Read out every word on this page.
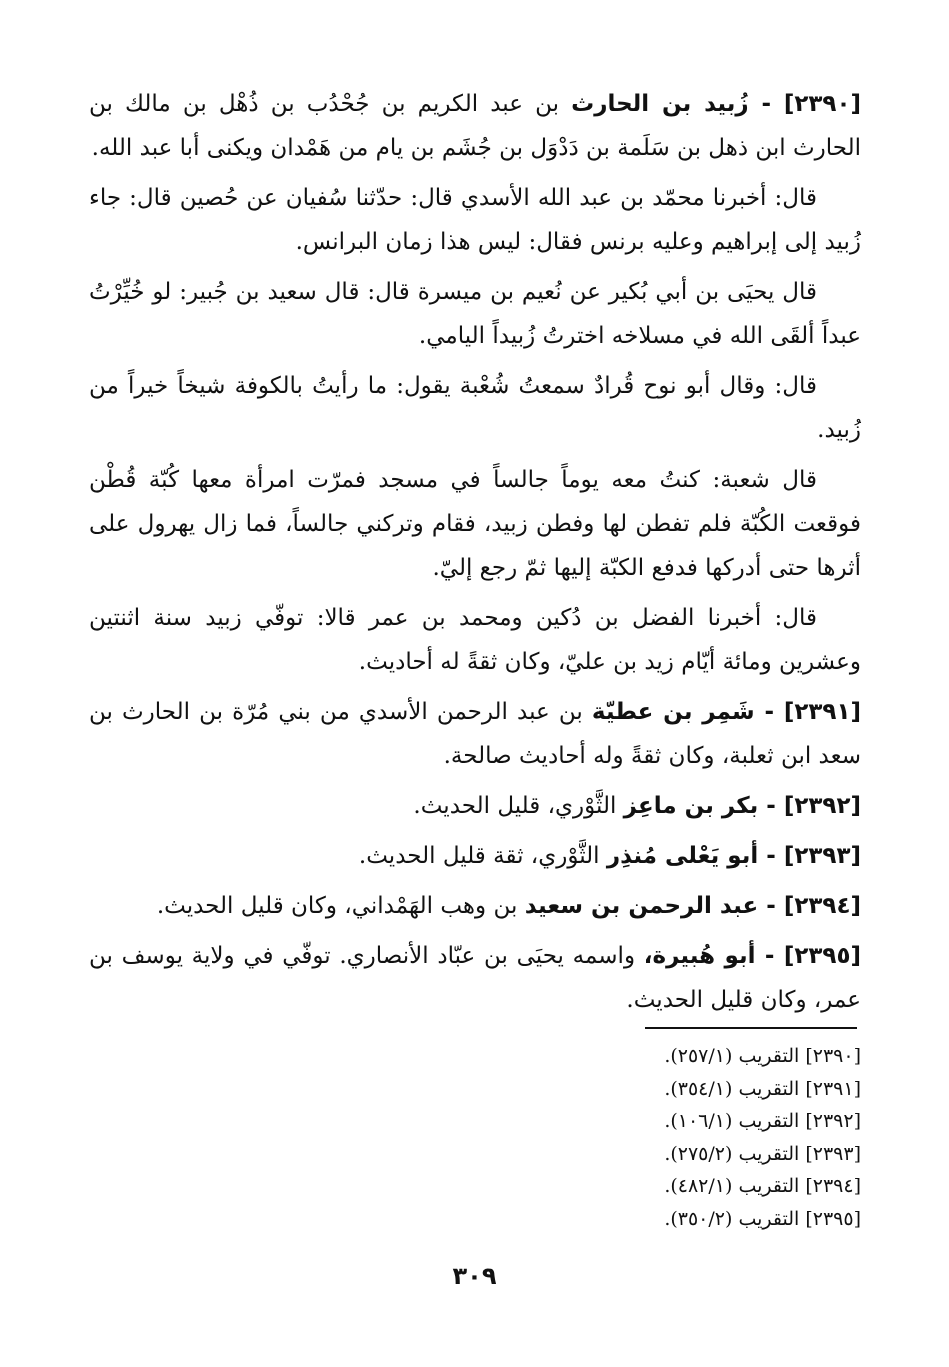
[٢٣٩٠] - زُبيد بن الحارث بن عبد الكريم بن جُحْدُب بن ذُهْل بن مالك بن الحارث ابن ذهل بن سَلَمة بن دَدْوَل بن جُشَم بن يام من هَمْدان ويكنى أبا عبد الله.

قال: أخبرنا محمّد بن عبد الله الأسدي قال: حدّثنا سُفيان عن حُصين قال: جاء زُبيد إلى إبراهيم وعليه برنس فقال: ليس هذا زمان البرانس.

قال يحيَى بن أبي بُكير عن نُعيم بن ميسرة قال: قال سعيد بن جُبير: لو خُيِّرْتُ عبداً ألقَى الله في مسلاخه اخترتُ زُبيداً اليامي.

قال: وقال أبو نوح قُرادٌ سمعتُ شُعْبة يقول: ما رأيتُ بالكوفة شيخاً خيراً من زُبيد.

قال شعبة: كنتُ معه يوماً جالساً في مسجد فمرّت امرأة معها كُبّة قُطْن فوقعت الكُبّة فلم تفطن لها وفطن زبيد، فقام وتركني جالساً، فما زال يهرول على أثرها حتى أدركها فدفع الكبّة إليها ثمّ رجع إليّ.

قال: أخبرنا الفضل بن دُكين ومحمد بن عمر قالا: توفّي زبيد سنة اثنتين وعشرين ومائة أيّام زيد بن عليّ، وكان ثقةً له أحاديث.

[٢٣٩١] - شَمِر بن عطيّة بن عبد الرحمن الأسدي من بني مُرّة بن الحارث بن سعد ابن ثعلبة، وكان ثقةً وله أحاديث صالحة.

[٢٣٩٢] - بكر بن ماعِز الثَّوْري، قليل الحديث.

[٢٣٩٣] - أبو يَعْلى مُنذِر الثَّوْري، ثقة قليل الحديث.

[٢٣٩٤] - عبد الرحمن بن سعيد بن وهب الهَمْداني، وكان قليل الحديث.

[٢٣٩٥] - أبو هُبيرة، واسمه يحيَى بن عبّاد الأنصاري. توفّي في ولاية يوسف بن عمر، وكان قليل الحديث.

[٢٣٩٠] التقريب (٢٥٧/١).

[٢٣٩١] التقريب (٣٥٤/١).

[٢٣٩٢] التقريب (١٠٦/١).

[٢٣٩٣] التقريب (٢٧٥/٢).

[٢٣٩٤] التقريب (٤٨٢/١).

[٢٣٩٥] التقريب (٣٥٠/٢).

٣٠٩
